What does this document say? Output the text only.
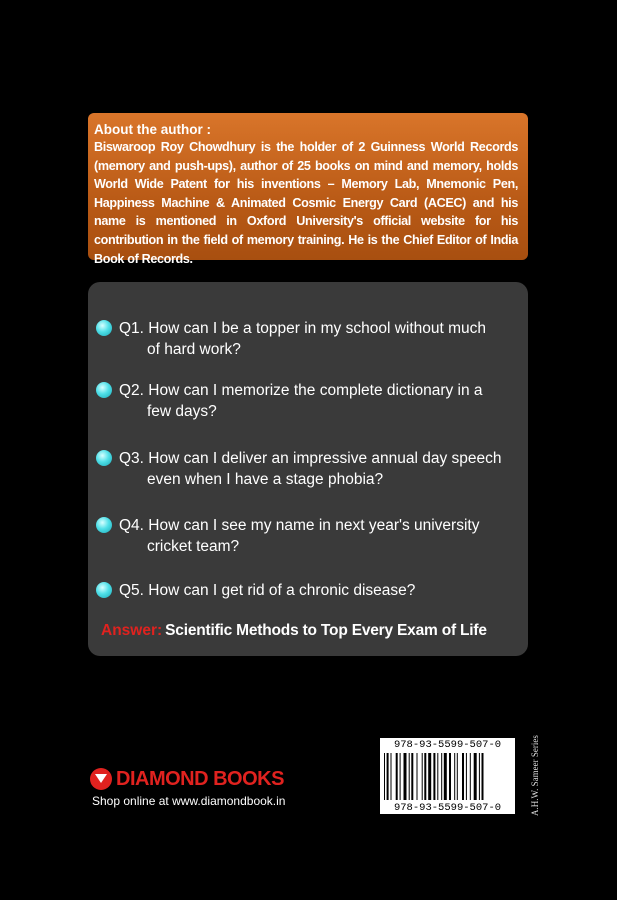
About the author :

Biswaroop Roy Chowdhury is the holder of 2 Guinness World Records (memory and push-ups), author of 25 books on mind and memory, holds World Wide Patent for his inventions – Memory Lab, Mnemonic Pen, Happiness Machine & Animated Cosmic Energy Card (ACEC) and his name is mentioned in Oxford University's official website for his contribution in the field of memory training. He is the Chief Editor of India Book of Records.

Q1. How can I be a topper in my school without much
of hard work?
Q2. How can I memorize the complete dictionary in a
few days?
Q3. How can I deliver an impressive annual day speech
even when I have a stage phobia?
Q4. How can I see my name in next year's university
cricket team?
Q5. How can I get rid of a chronic disease?
Answer: Scientific Methods to Top Every Exam of Life
DIAMOND BOOKS
Shop online at www.diamondbook.in
978-93-5599-507-0
978-93-5599-507-0	A.H.W. Sameer Series
